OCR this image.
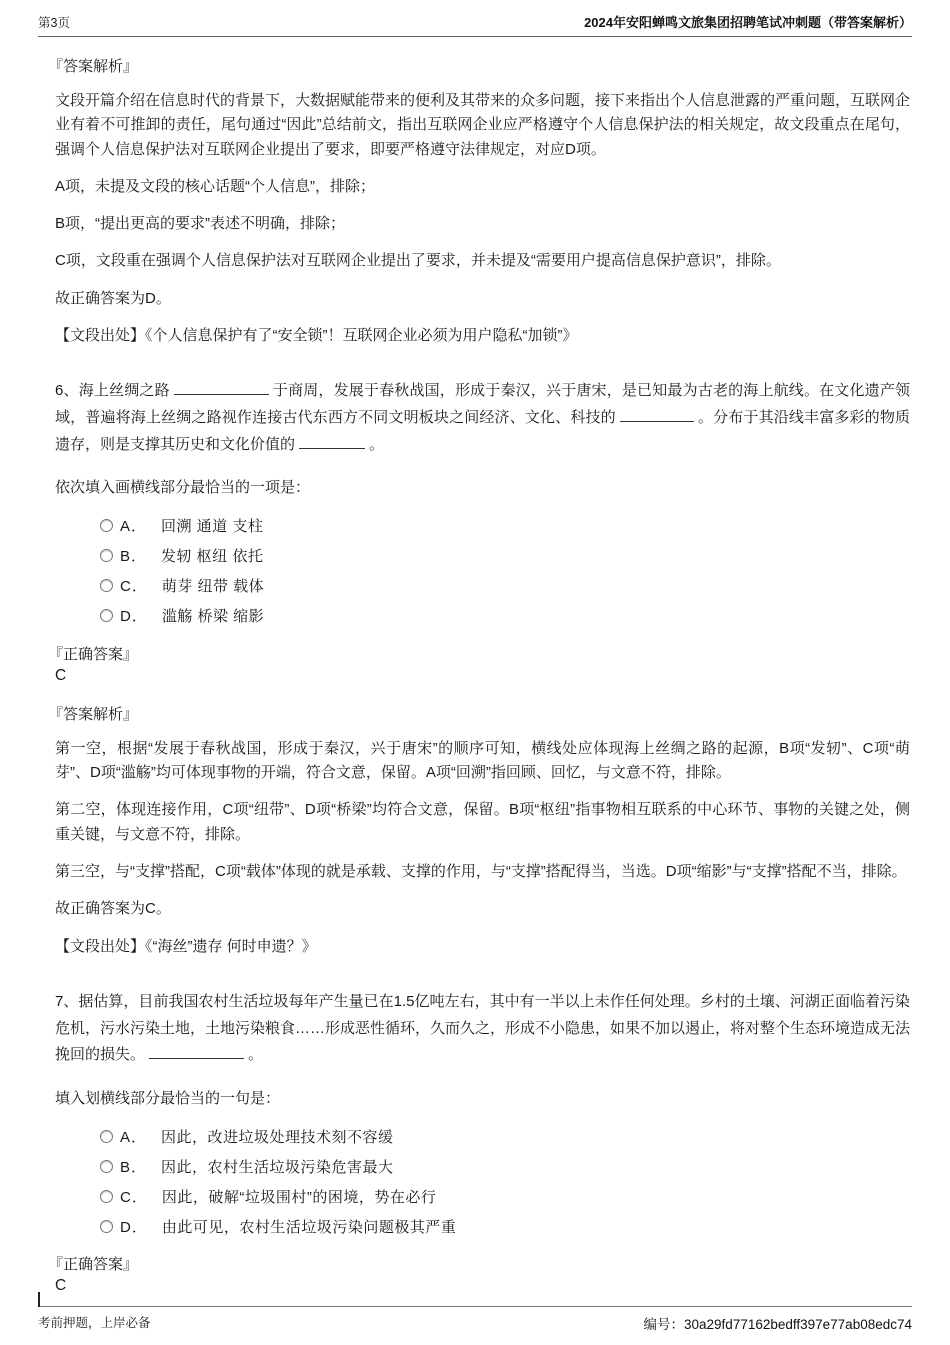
第3页	2024年安阳蝉鸣文旅集团招聘笔试冲刺题（带答案解析）
『答案解析』

文段开篇介绍在信息时代的背景下，大数据赋能带来的便利及其带来的众多问题，接下来指出个人信息泄露的严重问题，互联网企业有着不可推卸的责任，尾句通过“因此”总结前文，指出互联网企业应严格遵守个人信息保护法的相关规定，故文段重点在尾句，强调个人信息保护法对互联网企业提出了要求，即要严格遵守法律规定，对应D项。

A项，未提及文段的核心话题“个人信息”，排除；

B项，“提出更高的要求”表述不明确，排除；

C项，文段重在强调个人信息保护法对互联网企业提出了要求，并未提及“需要用户提高信息保护意识”，排除。

故正确答案为D。

【文段出处】《个人信息保护有了“安全锁”！互联网企业必须为用户隐私“加锁”》

6、海上丝绸之路	于商周，发展于春秋战国，形成于秦汉，兴于唐宋，是已知最为古老的海上航线。在文化遗产领域，普遍将海上丝绸之路视作连接古代东西方不同文明板块之间经济、文化、科技的	。分布于其沿线丰富多彩的物质遗存，则是支撑其历史和文化价值的	。

依次填入画横线部分最恰当的一项是：

A． 回溯 通道 支柱
B． 发轫 枢纽 依托
C． 萌芽 纽带 载体
D． 滥觞 桥梁 缩影
『正确答案』
C
『答案解析』

第一空，根据“发展于春秋战国，形成于秦汉，兴于唐宋”的顺序可知，横线处应体现海上丝绸之路的起源，B项“发轫”、C项“萌芽”、D项“滥觞”均可体现事物的开端，符合文意，保留。A项“回溯”指回顾、回忆，与文意不符，排除。

第二空，体现连接作用，C项“纽带”、D项“桥梁”均符合文意，保留。B项“枢纽”指事物相互联系的中心环节、事物的关键之处，侧重关键，与文意不符，排除。

第三空，与“支撑”搭配，C项“载体”体现的就是承载、支撑的作用，与“支撑”搭配得当，当选。D项“缩影”与“支撑”搭配不当，排除。

故正确答案为C。

【文段出处】《“海丝”遗存 何时申遗？》

7、据估算，目前我国农村生活垃圾每年产生量已在1.5亿吨左右，其中有一半以上未作任何处理。乡村的土壤、河湖正面临着污染危机，污水污染土地，土地污染粮食……形成恶性循环，久而久之，形成不小隐患，如果不加以遏止，将对整个生态环境造成无法挽回的损失。	。

填入划横线部分最恰当的一句是：

A． 因此，改进垃圾处理技术刻不容缓
B． 因此，农村生活垃圾污染危害最大
C． 因此，破解“垃圾围村”的困境，势在必行
D． 由此可见，农村生活垃圾污染问题极其严重
『正确答案』
C
考前押题，上岸必备	编号：30a29fd77162bedff397e77ab08edc74
